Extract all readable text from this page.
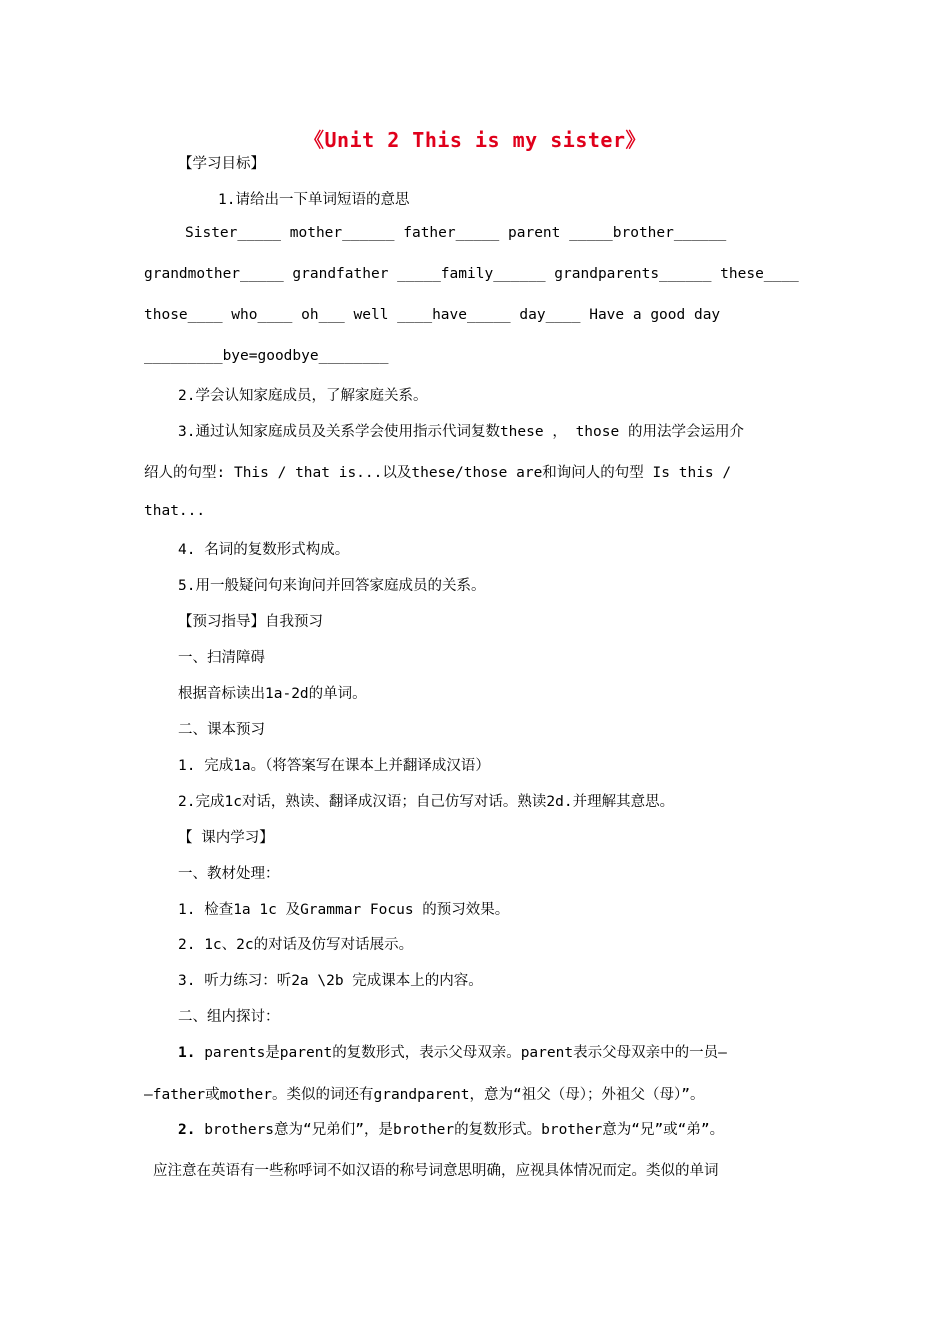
《Unit 2 This is my sister》
【学习目标】
1.请给出一下单词短语的意思
Sister_____ mother______ father_____ parent _____brother______
grandmother_____ grandfather _____family______ grandparents______ these____
those____ who____ oh___ well ____have_____ day____ Have a good day
_________bye=goodbye________
2.学会认知家庭成员，了解家庭关系。
3.通过认知家庭成员及关系学会使用指示代词复数these ， those 的用法学会运用介
绍人的句型: This / that is...以及these/those are和询问人的句型 Is this /
that...
4. 名词的复数形式构成。
5.用一般疑问句来询问并回答家庭成员的关系。
【预习指导】自我预习
一、扫清障碍
根据音标读出1a-2d的单词。
二、课本预习
1. 完成1a。（将答案写在课本上并翻译成汉语）
2.完成1c对话，熟读、翻译成汉语；自己仿写对话。熟读2d.并理解其意思。
【 课内学习】
一、教材处理：
1. 检查1a 1c 及Grammar Focus 的预习效果。
2. 1c、2c的对话及仿写对话展示。
3. 听力练习：听2a \2b 完成课本上的内容。
二、组内探讨：
1. parents是parent的复数形式，表示父母双亲。parent表示父母双亲中的一员—
—father或mother。类似的词还有grandparent，意为“祖父（母）；外祖父（母）”。
2. brothers意为“兄弟们”，是brother的复数形式。brother意为“兄”或“弟”。
应注意在英语有一些称呼词不如汉语的称号词意思明确，应视具体情况而定。类似的单词
